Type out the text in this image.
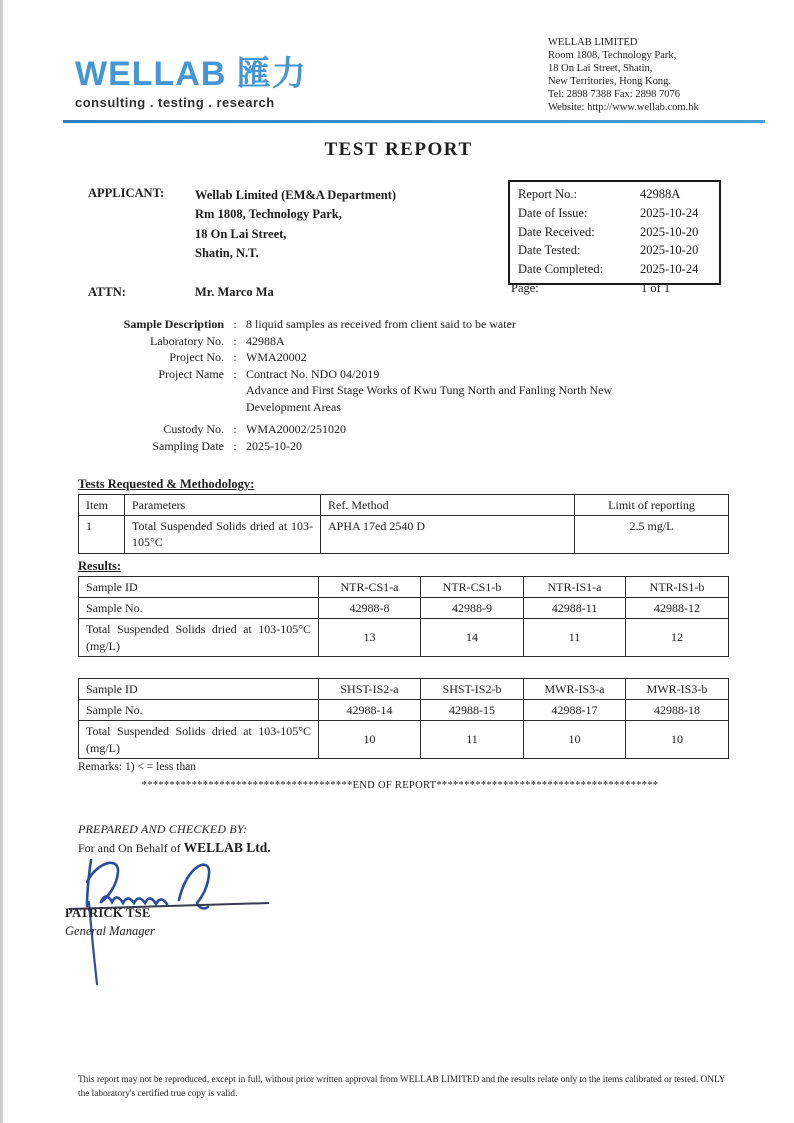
WELLAB 匯力
consulting . testing . research
WELLAB LIMITED
Room 1808, Technology Park,
18 On Lai Street, Shatin,
New Territories, Hong Kong.
Tel: 2898 7388 Fax: 2898 7076
Website: http://www.wellab.com.hk
TEST REPORT
APPLICANT: Wellab Limited (EM&A Department)
Rm 1808, Technology Park,
18 On Lai Street,
Shatin, N.T.
Report No.:	42988A
Date of Issue:	2025-10-24
Date Received:	2025-10-20
Date Tested:	2025-10-20
Date Completed:	2025-10-24
Page:	1 of 1
ATTN:	Mr. Marco Ma
Sample Description : 8 liquid samples as received from client said to be water
Laboratory No. : 42988A
Project No. : WMA20002
Project Name : Contract No. NDO 04/2019
Advance and First Stage Works of Kwu Tung North and Fanling North New
Development Areas
Custody No. : WMA20002/251020
Sampling Date : 2025-10-20
Tests Requested & Methodology:
Item	Parameters	Ref. Method	Limit of reporting
1	Total Suspended Solids dried at 103-105°C	APHA 17ed 2540 D	2.5 mg/L
Results:
Sample ID	NTR-CS1-a	NTR-CS1-b	NTR-IS1-a	NTR-IS1-b
Sample No.	42988-8	42988-9	42988-11	42988-12
Total Suspended Solids dried at 103-105°C (mg/L)	13	14	11	12
Sample ID	SHST-IS2-a	SHST-IS2-b	MWR-IS3-a	MWR-IS3-b
Sample No.	42988-14	42988-15	42988-17	42988-18
Total Suspended Solids dried at 103-105°C (mg/L)	10	11	10	10
Remarks: 1) < = less than
**************************************END OF REPORT****************************************
PREPARED AND CHECKED BY:
For and On Behalf of WELLAB Ltd.
PATRICK TSE
General Manager
This report may not be reproduced, except in full, without prior written approval from WELLAB LIMITED and the results relate only to the items calibrated or tested. ONLY the laboratory's certified true copy is valid.
